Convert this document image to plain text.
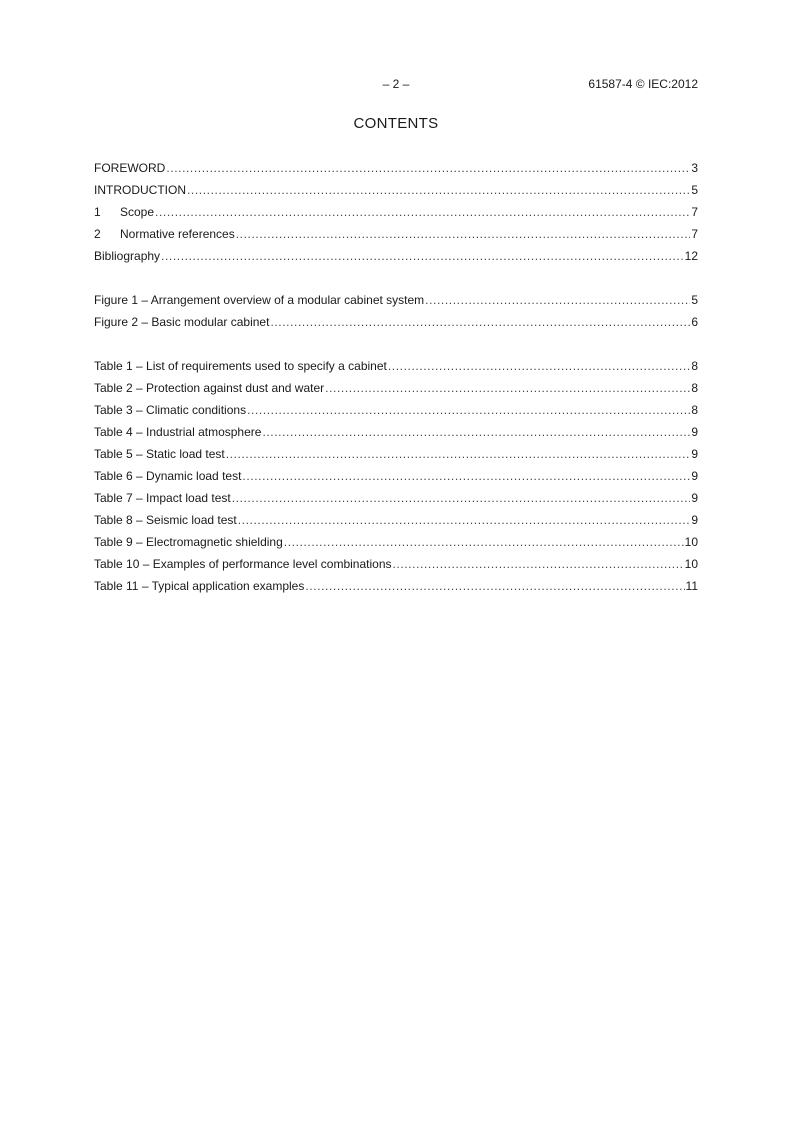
– 2 –	61587-4 © IEC:2012
CONTENTS
FOREWORD .....	3
INTRODUCTION .....	5
1	Scope .....	7
2	Normative references .....	7
Bibliography .....	12
Figure 1 – Arrangement overview of a modular cabinet system .....	5
Figure 2 – Basic modular cabinet .....	6
Table 1 – List of requirements used to specify a cabinet .....	8
Table 2 – Protection against dust and water .....	8
Table 3 – Climatic conditions .....	8
Table 4 – Industrial atmosphere .....	9
Table 5 – Static load test .....	9
Table 6 – Dynamic load test .....	9
Table 7 – Impact load test .....	9
Table 8 – Seismic load test .....	9
Table 9 – Electromagnetic shielding .....	10
Table 10 – Examples of performance level combinations .....	10
Table 11 – Typical application examples .....	11
